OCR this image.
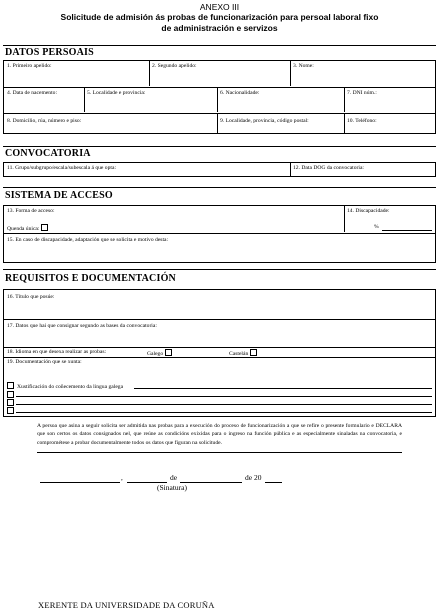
ANEXO III
Solicitude de admisión ás probas de funcionarización para persoal laboral fixo
de administración e servizos
DATOS PERSOAIS
1. Primeiro apelido:	2. Segundo apelido:	3. Nome:
4. Data de nacemento:	5. Localidade e provincia:	6. Nacionalidade:	7. DNI núm.:
8. Domicilio, rúa, número e piso:	9. Localidade, provincia, código postal:	10. Teléfono:
CONVOCATORIA
11. Grupo/subgrupo/escala/subescala á que opta:	12. Data DOG da convocatoria:
SISTEMA DE ACCESO
13. Forma de acceso:
Quenda única:
14. Discapacidade:
%
15. En caso de discapacidade, adaptación que se solicita e motivo desta:
REQUISITOS E DOCUMENTACIÓN
16. Título que posúe:
17. Datos que hai que consignar segundo as bases da convocatoria:
18. Idioma en que desexa realizar as probas:	Galego	Castelán
19. Documentación que se xunta:
Xustificación do coñecemento da lingua galega
A persoa que asina a seguir solicita ser admitida nas probas para a execución do proceso de funcionarización a que se refire o presente formulario e DECLARA que son certos os datos consignados nel, que reúne as condicións exixidas para o ingreso na función pública e as especialmente sinaladas na convocatoria, e comprométese a probar documentalmente todos os datos que figuran na solicitude.
,	de	de 20
(Sinatura)
XERENTE DA UNIVERSIDADE DA CORUÑA
